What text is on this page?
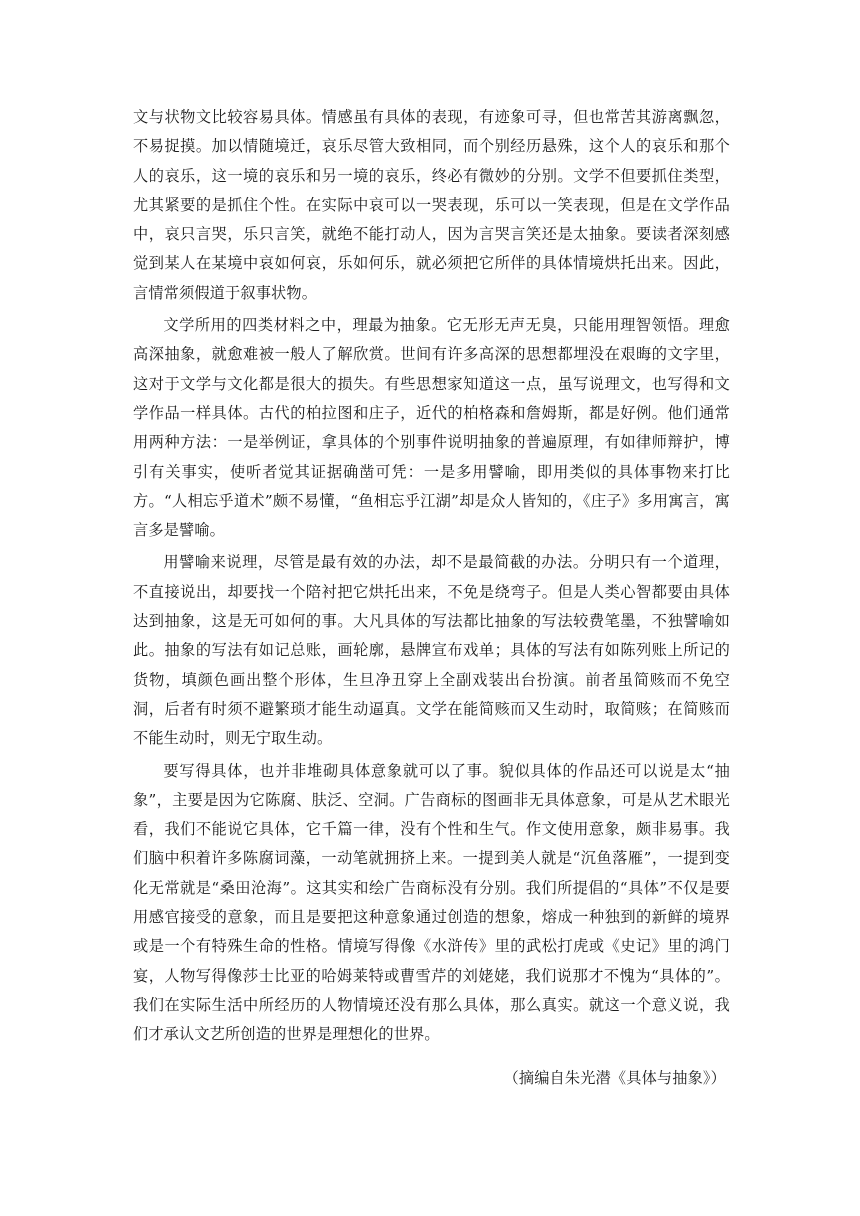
文与状物文比较容易具体。情感虽有具体的表现，有迹象可寻，但也常苦其游离飘忽，不易捉摸。加以情随境迁，哀乐尽管大致相同，而个别经历悬殊，这个人的哀乐和那个人的哀乐，这一境的哀乐和另一境的哀乐，终必有微妙的分别。文学不但要抓住类型，尤其紧要的是抓住个性。在实际中哀可以一哭表现，乐可以一笑表现，但是在文学作品中，哀只言哭，乐只言笑，就绝不能打动人，因为言哭言笑还是太抽象。要读者深刻感觉到某人在某境中哀如何哀，乐如何乐，就必须把它所伴的具体情境烘托出来。因此，言情常须假道于叙事状物。

文学所用的四类材料之中，理最为抽象。它无形无声无臭，只能用理智领悟。理愈高深抽象，就愈难被一般人了解欣赏。世间有许多高深的思想都埋没在艰晦的文字里，这对于文学与文化都是很大的损失。有些思想家知道这一点，虽写说理文，也写得和文学作品一样具体。古代的柏拉图和庄子，近代的柏格森和詹姆斯，都是好例。他们通常用两种方法：一是举例证，拿具体的个别事件说明抽象的普遍原理，有如律师辩护，博引有关事实，使听者觉其证据确凿可凭：一是多用譬喻，即用类似的具体事物来打比方。“人相忘乎道术”颇不易懂，“鱼相忘乎江湖”却是众人皆知的，《庄子》多用寓言，寓言多是譬喻。

用譬喻来说理，尽管是最有效的办法，却不是最简截的办法。分明只有一个道理，不直接说出，却要找一个陪衬把它烘托出来，不免是绕弯子。但是人类心智都要由具体达到抽象，这是无可如何的事。大凡具体的写法都比抽象的写法较费笔墨，不独譬喻如此。抽象的写法有如记总账，画轮廓，悬牌宣布戏单；具体的写法有如陈列账上所记的货物，填颜色画出整个形体，生旦净丑穿上全副戏装出台扮演。前者虽简赅而不免空洞，后者有时须不避繁琐才能生动逼真。文学在能简赅而又生动时，取简赅；在简赅而不能生动时，则无宁取生动。

要写得具体，也并非堆砌具体意象就可以了事。貌似具体的作品还可以说是太“抽象”，主要是因为它陈腐、肤泛、空洞。广告商标的图画非无具体意象，可是从艺术眼光看，我们不能说它具体，它千篇一律，没有个性和生气。作文使用意象，颇非易事。我们脑中积着许多陈腐词藻，一动笔就拥挤上来。一提到美人就是“沉鱼落雁”，一提到变化无常就是“桑田沧海”。这其实和绘广告商标没有分别。我们所提倡的“具体”不仅是要用感官接受的意象，而且是要把这种意象通过创造的想象，熔成一种独到的新鲜的境界或是一个有特殊生命的性格。情境写得像《水浒传》里的武松打虎或《史记》里的鸿门宴，人物写得像莎士比亚的哈姆莱特或曹雪芹的刘姥姥，我们说那才不愧为“具体的”。我们在实际生活中所经历的人物情境还没有那么具体，那么真实。就这一个意义说，我们才承认文艺所创造的世界是理想化的世界。

（摘编自朱光潜《具体与抽象》）
